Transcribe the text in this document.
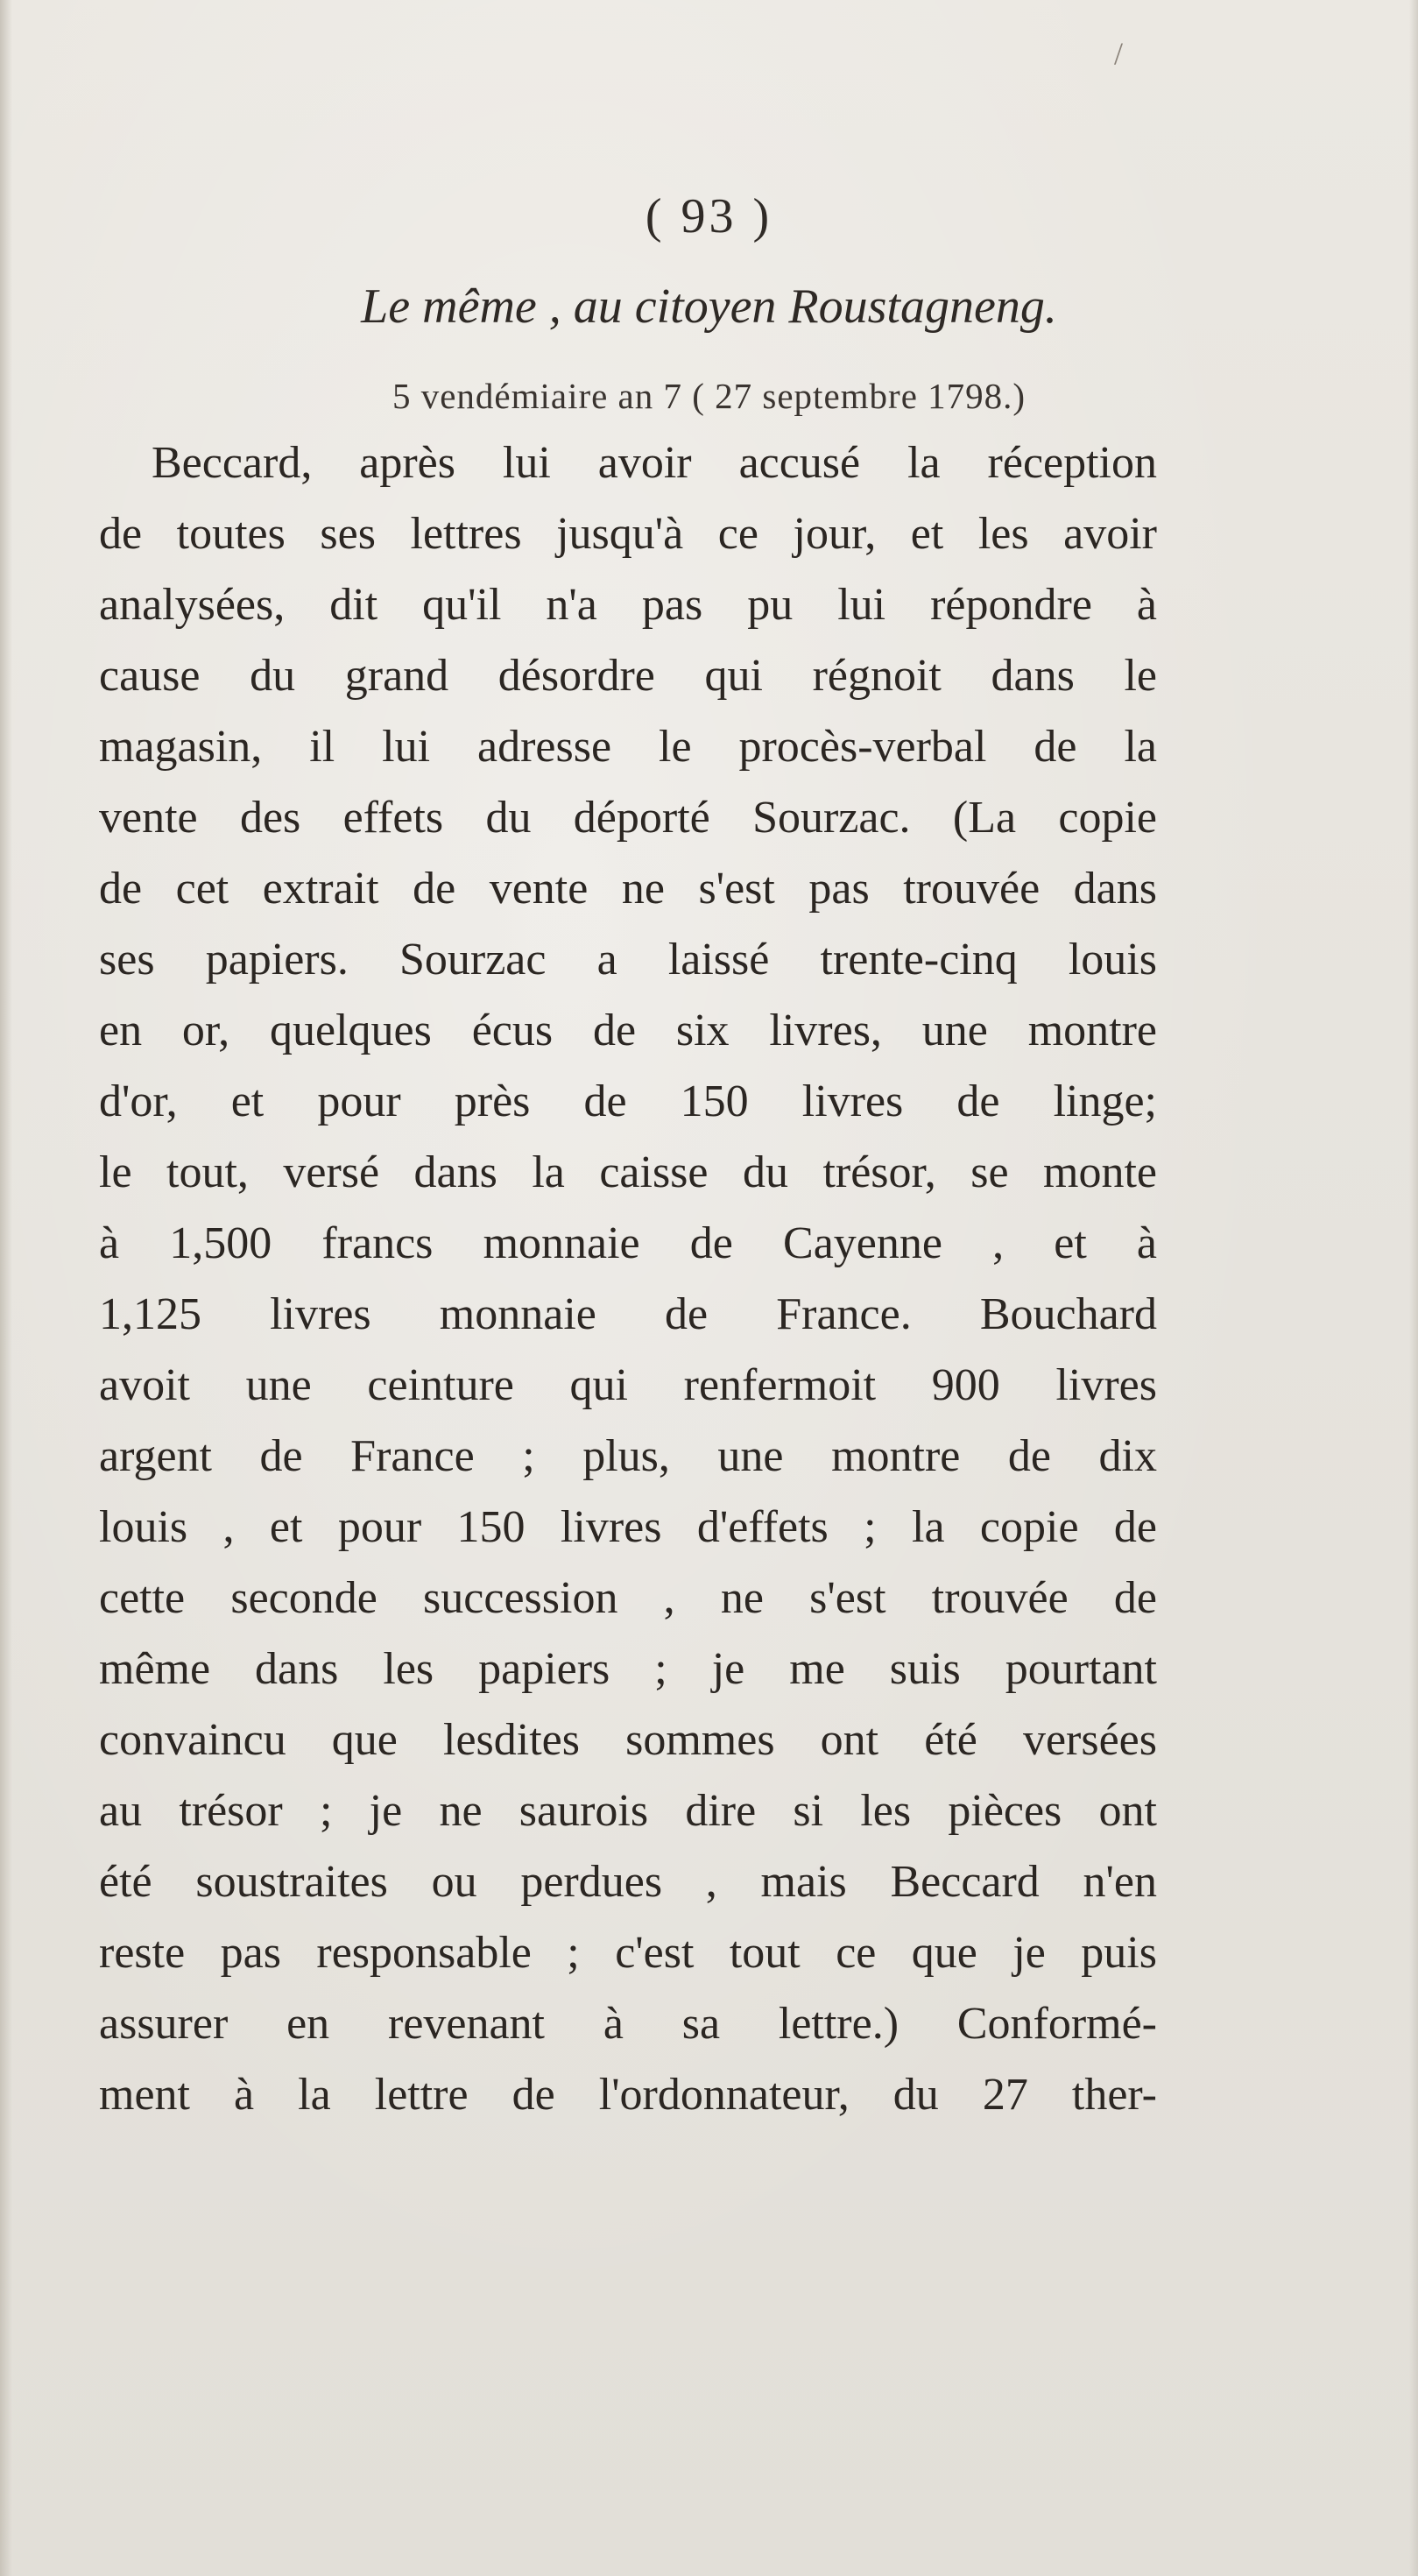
/
( 93 )
Le même , au citoyen Roustagneng.
5 vendémiaire an 7 ( 27 septembre 1798.)
Beccard, après lui avoir accusé la réception
de toutes ses lettres jusqu'à ce jour, et les avoir
analysées, dit qu'il n'a pas pu lui répondre à
cause du grand désordre qui régnoit dans le
magasin, il lui adresse le procès-verbal de la
vente des effets du déporté Sourzac. (La copie
de cet extrait de vente ne s'est pas trouvée dans
ses papiers. Sourzac a laissé trente-cinq louis
en or, quelques écus de six livres, une montre
d'or, et pour près de 150 livres de linge;
le tout, versé dans la caisse du trésor, se monte
à 1,500 francs monnaie de Cayenne , et à
1,125 livres monnaie de France. Bouchard
avoit une ceinture qui renfermoit 900 livres
argent de France ; plus, une montre de dix
louis , et pour 150 livres d'effets ; la copie de
cette seconde succession , ne s'est trouvée de
même dans les papiers ; je me suis pourtant
convaincu que lesdites sommes ont été versées
au trésor ; je ne saurois dire si les pièces ont
été soustraites ou perdues , mais Beccard n'en
reste pas responsable ; c'est tout ce que je puis
assurer en revenant à sa lettre.) Conformé-
ment à la lettre de l'ordonnateur, du 27 ther-
